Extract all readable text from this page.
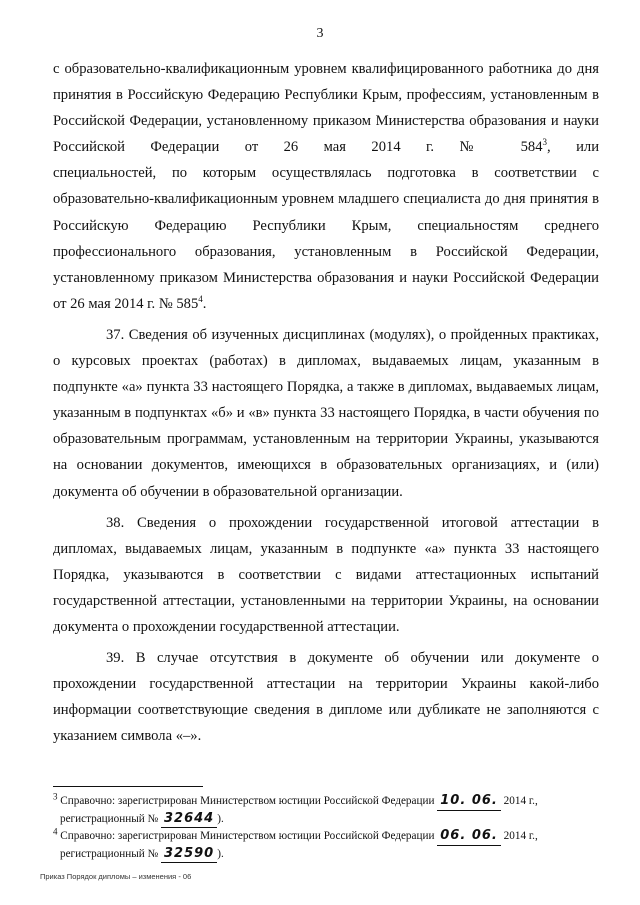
3

с образовательно-квалификационным уровнем квалифицированного работника до дня принятия в Российскую Федерацию Республики Крым, профессиям, установленным в Российской Федерации, установленному приказом Министерства образования и науки Российской Федерации от 26 мая 2014 г. № $584^3$, или

специальностей, по которым осуществлялась подготовка в соответствии с образовательно-квалификационным уровнем младшего специалиста до дня принятия в Российскую Федерацию Республики Крым, специальностям среднего профессионального образования, установленным в Российской Федерации, установленному приказом Министерства образования и науки Российской Федерации от 26 мая 2014 г. № $585^4$.

37. Сведения об изученных дисциплинах (модулях), о пройденных практиках, о курсовых проектах (работах) в дипломах, выдаваемых лицам, указанным в подпункте «а» пункта 33 настоящего Порядка, а также в дипломах, выдаваемых лицам, указанным в подпунктах «б» и «в» пункта 33 настоящего Порядка, в части обучения по образовательным программам, установленным на территории Украины, указываются на основании документов, имеющихся в образовательных организациях, и (или) документа об обучении в образовательной организации.

38. Сведения о прохождении государственной итоговой аттестации в дипломах, выдаваемых лицам, указанным в подпункте «а» пункта 33 настоящего Порядка, указываются в соответствии с видами аттестационных испытаний государственной аттестации, установленными на территории Украины, на основании документа о прохождении государственной аттестации.

39. В случае отсутствия в документе об обучении или документе о прохождении государственной аттестации на территории Украины какой-либо информации соответствующие сведения в дипломе или дубликате не заполняются с указанием символа «–».

$^3$ Справочно: зарегистрирован Министерством юстиции Российской Федерации 10. 06. 2014 г.,
регистрационный № 32644 ).

$^4$ Справочно: зарегистрирован Министерством юстиции Российской Федерации 06. 06. 2014 г.,
регистрационный № 32590 ).

Приказ Порядок дипломы – изменения - 06
